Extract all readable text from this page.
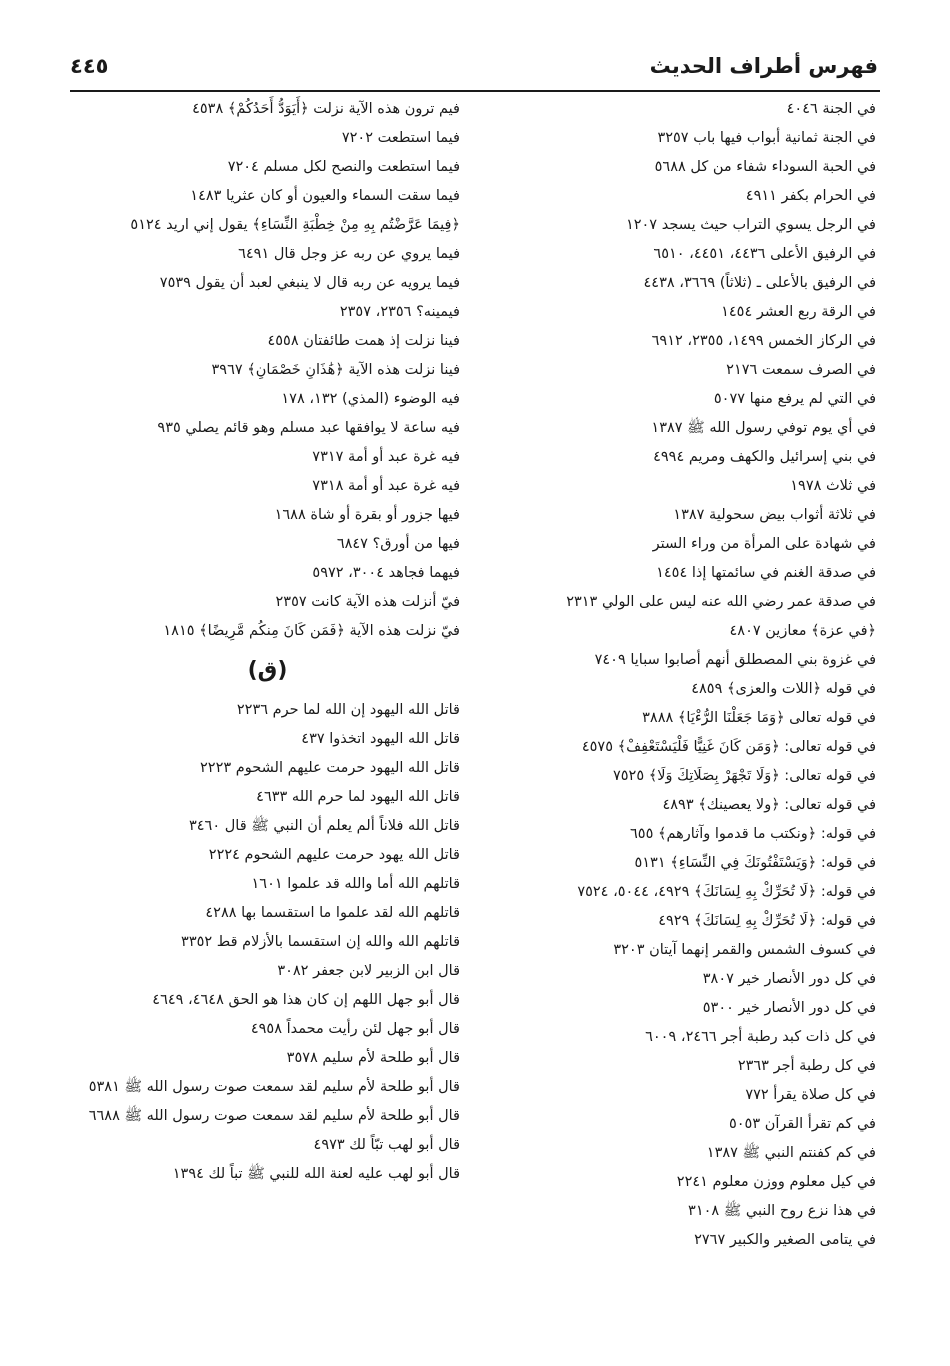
فهرس أطراف الحديث
٤٤٥
في الجنة ٤٠٤٦
في الجنة ثمانية أبواب فيها باب ٣٢٥٧
في الحبة السوداء شفاء من كل ٥٦٨٨
في الحرام بكفر ٤٩١١
في الرجل يسوي التراب حيث يسجد ١٢٠٧
في الرفيق الأعلى ٤٤٣٦، ٤٤٥١، ٦٥١٠
في الرفيق بالأعلى ـ (ثلاثاً) ٣٦٦٩، ٤٤٣٨
في الرقة ربع العشر ١٤٥٤
في الركاز الخمس ١٤٩٩، ٢٣٥٥، ٦٩١٢
في الصرف سمعت ٢١٧٦
في التي لم يرفع منها ٥٠٧٧
في أي يوم توفي رسول الله ﷺ ١٣٨٧
في بني إسرائيل والكهف ومريم ٤٩٩٤
في ثلاث ١٩٧٨
في ثلاثة أثواب بيض سحولية ١٣٨٧
في شهادة على المرأة من وراء الستر
في صدقة الغنم في سائمتها إذا ١٤٥٤
في صدقة عمر رضي الله عنه ليس على الولي ٢٣١٣
﴿في عزة﴾ معازين ٤٨٠٧
في غزوة بني المصطلق أنهم أصابوا سبايا ٧٤٠٩
في قوله ﴿اللات والعزى﴾ ٤٨٥٩
في قوله تعالى ﴿وَمَا جَعَلْنَا الرُّءْيَا﴾ ٣٨٨٨
في قوله تعالى: ﴿وَمَن كَانَ غَنِيًّا فَلْيَسْتَعْفِفْ﴾ ٤٥٧٥
في قوله تعالى: ﴿وَلَا تَجْهَرْ بِصَلَاتِكَ وَلَا﴾ ٧٥٢٥
في قوله تعالى: ﴿ولا يعصينك﴾ ٤٨٩٣
في قوله: ﴿ونكتب ما قدموا وآثارهم﴾ ٦٥٥
في قوله: ﴿وَيَسْتَفْتُونَكَ فِي النِّسَاءِ﴾ ٥١٣١
في قوله: ﴿لَا تُحَرِّكْ بِهِ لِسَانَكَ﴾ ٤٩٢٩، ٥٠٤٤، ٧٥٢٤
في قوله: ﴿لَا تُحَرِّكْ بِهِ لِسَانَكَ﴾ ٤٩٢٩
في كسوف الشمس والقمر إنهما آيتان ٣٢٠٣
في كل دور الأنصار خير ٣٨٠٧
في كل دور الأنصار خير ٥٣٠٠
في كل ذات كبد رطبة أجر ٢٤٦٦، ٦٠٠٩
في كل رطبة أجر ٢٣٦٣
في كل صلاة يقرأ ٧٧٢
في كم تقرأ القرآن ٥٠٥٣
في كم كفنتم النبي ﷺ ١٣٨٧
في كيل معلوم ووزن معلوم ٢٢٤١
في هذا نزع روح النبي ﷺ ٣١٠٨
في يتامى الصغير والكبير ٢٧٦٧
فيم ترون هذه الآية نزلت ﴿أَيَوَدُّ أَحَدُكُمْ﴾ ٤٥٣٨
فيما استطعت ٧٢٠٢
فيما استطعت والنصح لكل مسلم ٧٢٠٤
فيما سقت السماء والعيون أو كان عثريا ١٤٨٣
﴿فِيمَا عَرَّضْتُم بِهِ مِنْ خِطْبَةِ النِّسَاءِ﴾ يقول إني اريد ٥١٢٤
فيما يروي عن ربه عز وجل قال ٦٤٩١
فيما يرويه عن ربه قال لا ينبغي لعبد أن يقول ٧٥٣٩
فيمينه؟ ٢٣٥٦، ٢٣٥٧
فينا نزلت إذ همت طائفتان ٤٥٥٨
فينا نزلت هذه الآية ﴿هَٰذَانِ خَصْمَانِ﴾ ٣٩٦٧
فيه الوضوء (المذي) ١٣٢، ١٧٨
فيه ساعة لا يوافقها عبد مسلم وهو قائم يصلي ٩٣٥
فيه غرة عبد أو أمة ٧٣١٧
فيه غرة عبد أو أمة ٧٣١٨
فيها جزور أو بقرة أو شاة ١٦٨٨
فيها من أورق؟ ٦٨٤٧
فيهما فجاهد ٣٠٠٤، ٥٩٧٢
فيّ أنزلت هذه الآية كانت ٢٣٥٧
فيّ نزلت هذه الآية ﴿فَمَن كَانَ مِنكُم مَّرِيضًا﴾ ١٨١٥
(ق)
قاتل الله اليهود إن الله لما حرم ٢٢٣٦
قاتل الله اليهود اتخذوا ٤٣٧
قاتل الله اليهود حرمت عليهم الشحوم ٢٢٢٣
قاتل الله اليهود لما حرم الله ٤٦٣٣
قاتل الله فلاناً ألم يعلم أن النبي ﷺ قال ٣٤٦٠
قاتل الله يهود حرمت عليهم الشحوم ٢٢٢٤
قاتلهم الله أما والله قد علموا ١٦٠١
قاتلهم الله لقد علموا ما استقسما بها ٤٢٨٨
قاتلهم الله والله إن استقسما بالأزلام قط ٣٣٥٢
قال ابن الزبير لابن جعفر ٣٠٨٢
قال أبو جهل اللهم إن كان هذا هو الحق ٤٦٤٨، ٤٦٤٩
قال أبو جهل لئن رأيت محمداً ٤٩٥٨
قال أبو طلحة لأم سليم ٣٥٧٨
قال أبو طلحة لأم سليم لقد سمعت صوت رسول الله ﷺ ٥٣٨١
قال أبو طلحة لأم سليم لقد سمعت صوت رسول الله ﷺ ٦٦٨٨
قال أبو لهب تبّاً لك ٤٩٧٣
قال أبو لهب عليه لعنة الله للنبي ﷺ تباً لك ١٣٩٤
